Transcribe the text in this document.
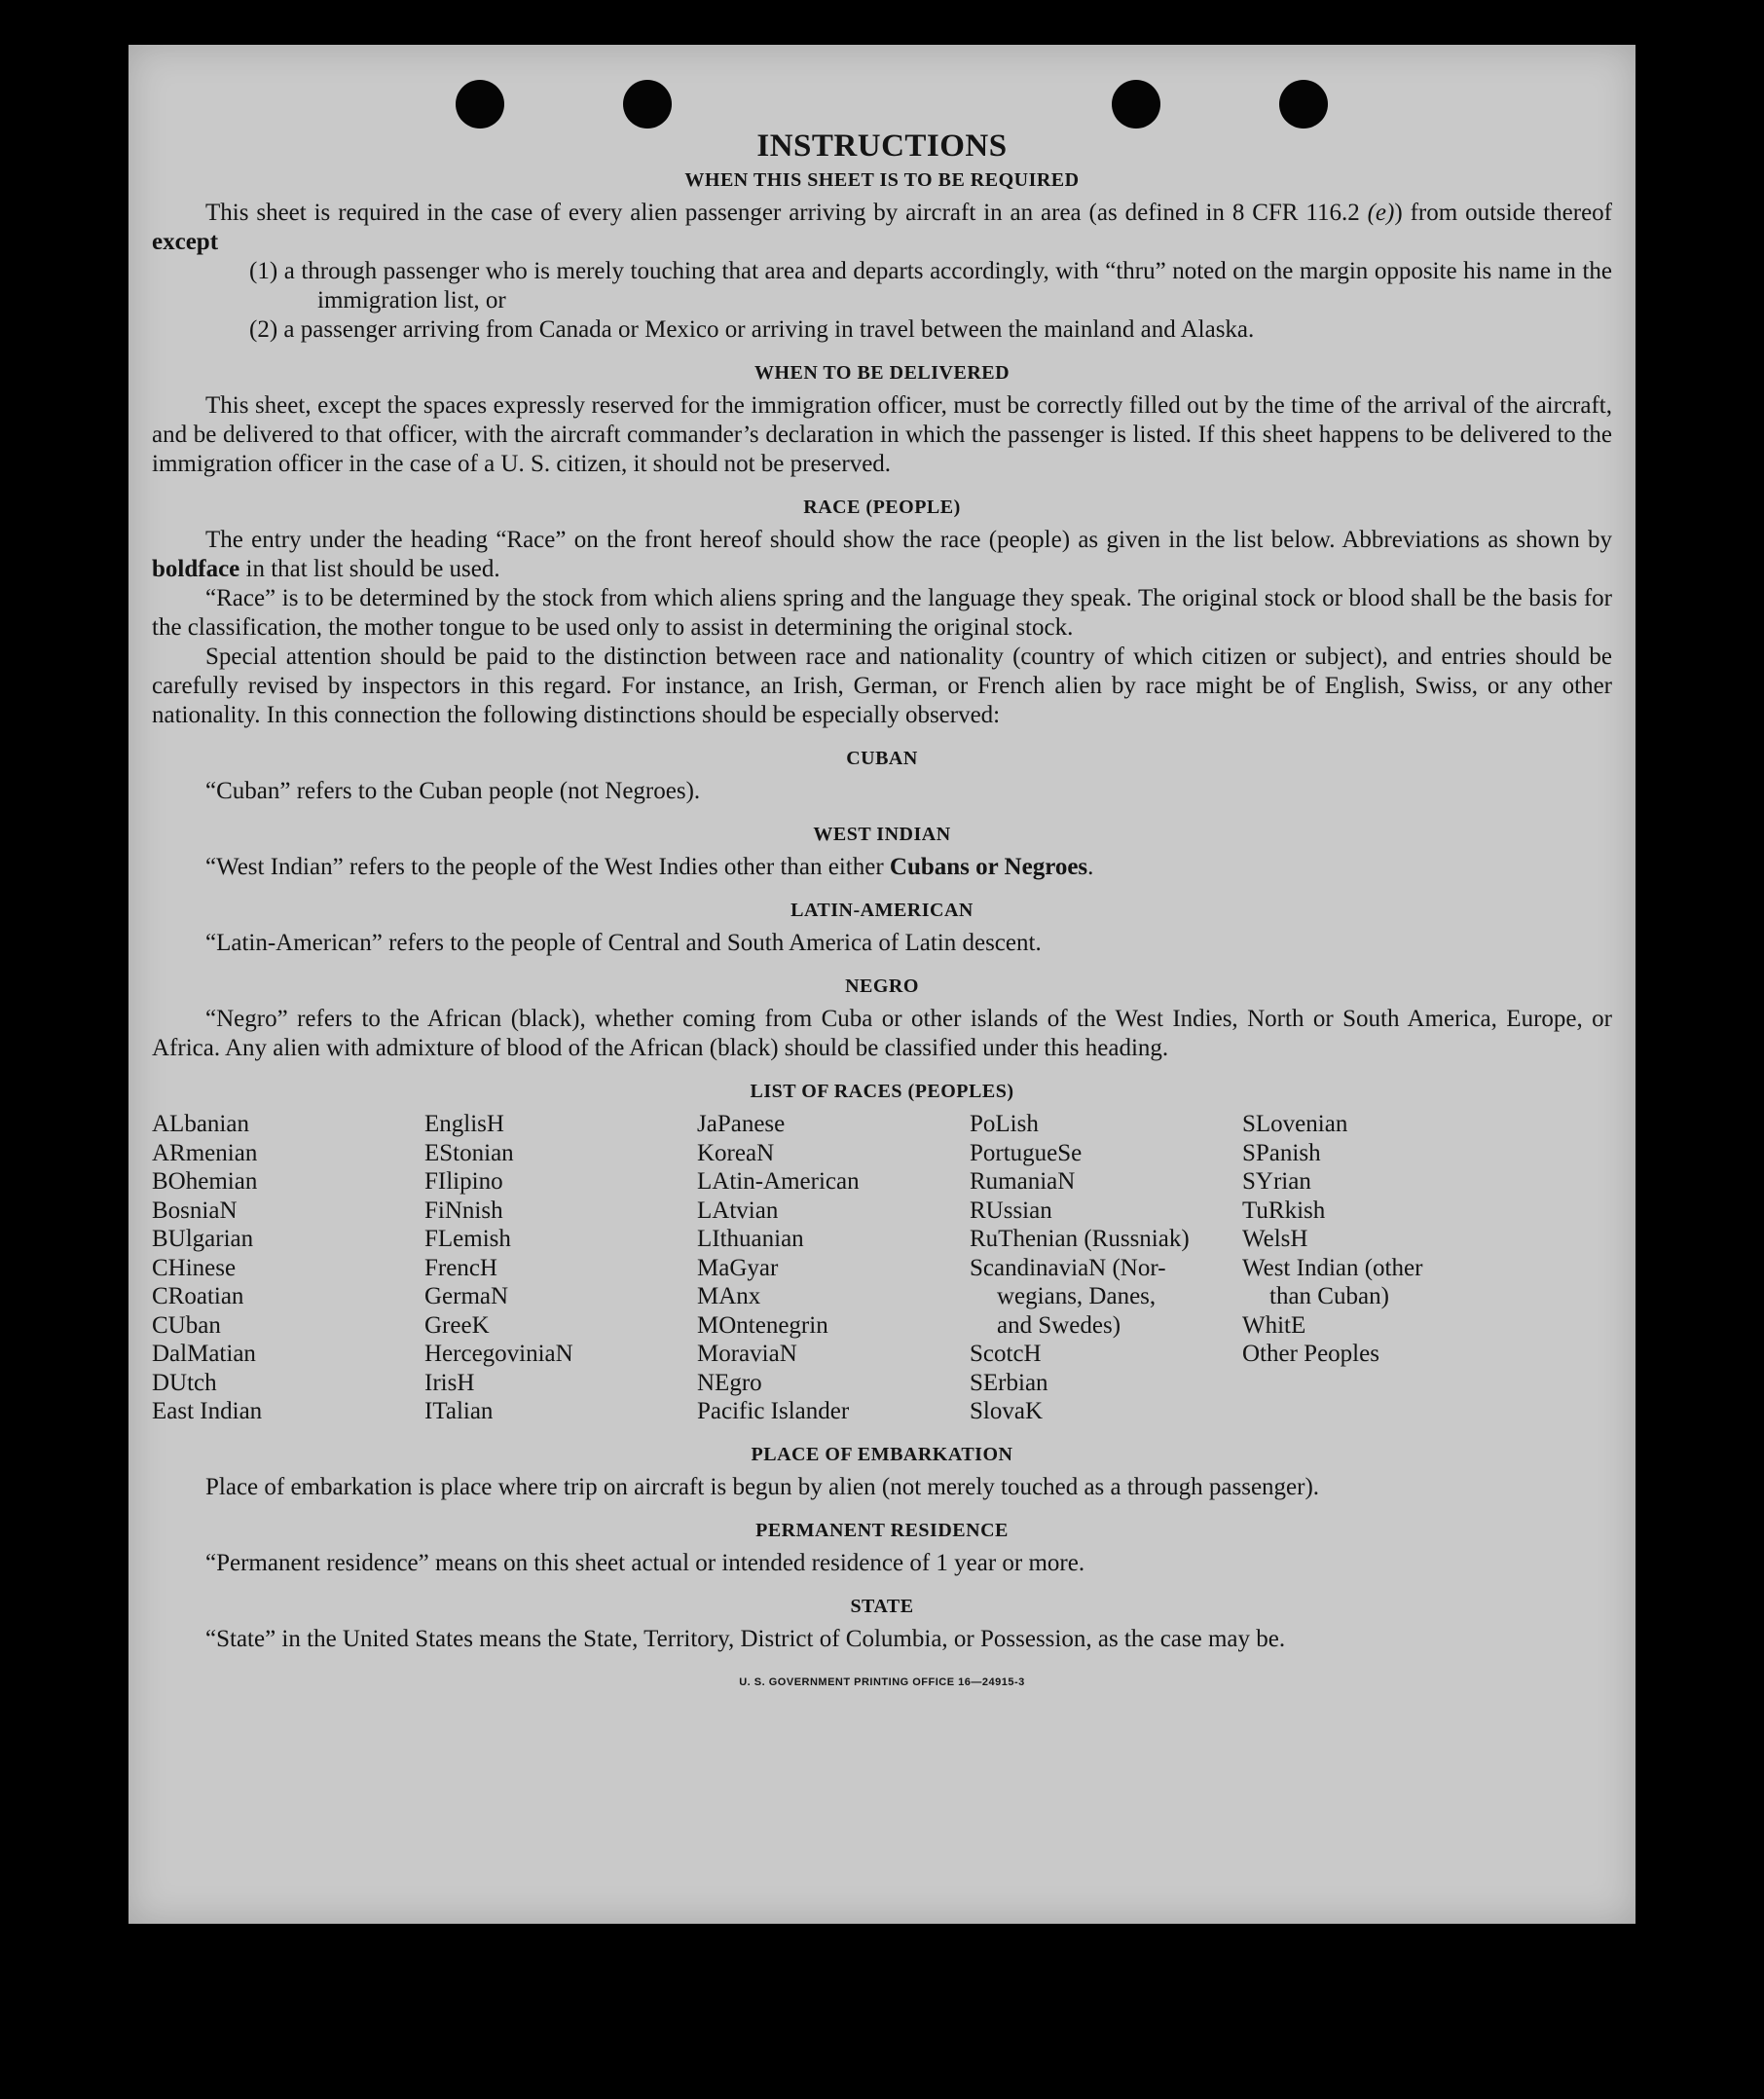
INSTRUCTIONS
WHEN THIS SHEET IS TO BE REQUIRED

This sheet is required in the case of every alien passenger arriving by aircraft in an area (as defined in 8 CFR 116.2 (e)) from outside thereof except

(1) a through passenger who is merely touching that area and departs accordingly, with “thru” noted on the margin opposite his name in the immigration list, or

(2) a passenger arriving from Canada or Mexico or arriving in travel between the mainland and Alaska.

WHEN TO BE DELIVERED

This sheet, except the spaces expressly reserved for the immigration officer, must be correctly filled out by the time of the arrival of the aircraft, and be delivered to that officer, with the aircraft commander’s declaration in which the passenger is listed. If this sheet happens to be delivered to the immigration officer in the case of a U. S. citizen, it should not be preserved.

RACE (PEOPLE)

The entry under the heading “Race” on the front hereof should show the race (people) as given in the list below. Abbreviations as shown by boldface in that list should be used.

“Race” is to be determined by the stock from which aliens spring and the language they speak. The original stock or blood shall be the basis for the classification, the mother tongue to be used only to assist in determining the original stock.

Special attention should be paid to the distinction between race and nationality (country of which citizen or subject), and entries should be carefully revised by inspectors in this regard. For instance, an Irish, German, or French alien by race might be of English, Swiss, or any other nationality. In this connection the following distinctions should be especially observed:

CUBAN

“Cuban” refers to the Cuban people (not Negroes).

WEST INDIAN

“West Indian” refers to the people of the West Indies other than either Cubans or Negroes.

LATIN-AMERICAN

“Latin-American” refers to the people of Central and South America of Latin descent.

NEGRO

“Negro” refers to the African (black), whether coming from Cuba or other islands of the West Indies, North or South America, Europe, or Africa. Any alien with admixture of blood of the African (black) should be classified under this heading.

LIST OF RACES (PEOPLES)
ALbanian
ARmenian
BOhemian
BosniaN
BUlgarian
CHinese
CRoatian
CUban
DalMatian
DUtch
East Indian
EnglisH
EStonian
FIlipino
FiNnish
FLemish
FrencH
GermaN
GreeK
HercegoviniaN
IrisH
ITalian
JaPanese
KoreaN
LAtin-American
LAtvian
LIthuanian
MaGyar
MAnx
MOntenegrin
MoraviaN
NEgro
Pacific Islander
PoLish
PortugueSe
RumaniaN
RUssian
RuThenian (Russniak)
ScandinaviaN (Nor-
wegians, Danes,
and Swedes)
ScotcH
SErbian
SlovaK
SLovenian
SPanish
SYrian
TuRkish
WelsH
West Indian (other
than Cuban)
WhitE
Other Peoples
PLACE OF EMBARKATION

Place of embarkation is place where trip on aircraft is begun by alien (not merely touched as a through passenger).

PERMANENT RESIDENCE

“Permanent residence” means on this sheet actual or intended residence of 1 year or more.

STATE

“State” in the United States means the State, Territory, District of Columbia, or Possession, as the case may be.

U. S. GOVERNMENT PRINTING OFFICE 16—24915-3
